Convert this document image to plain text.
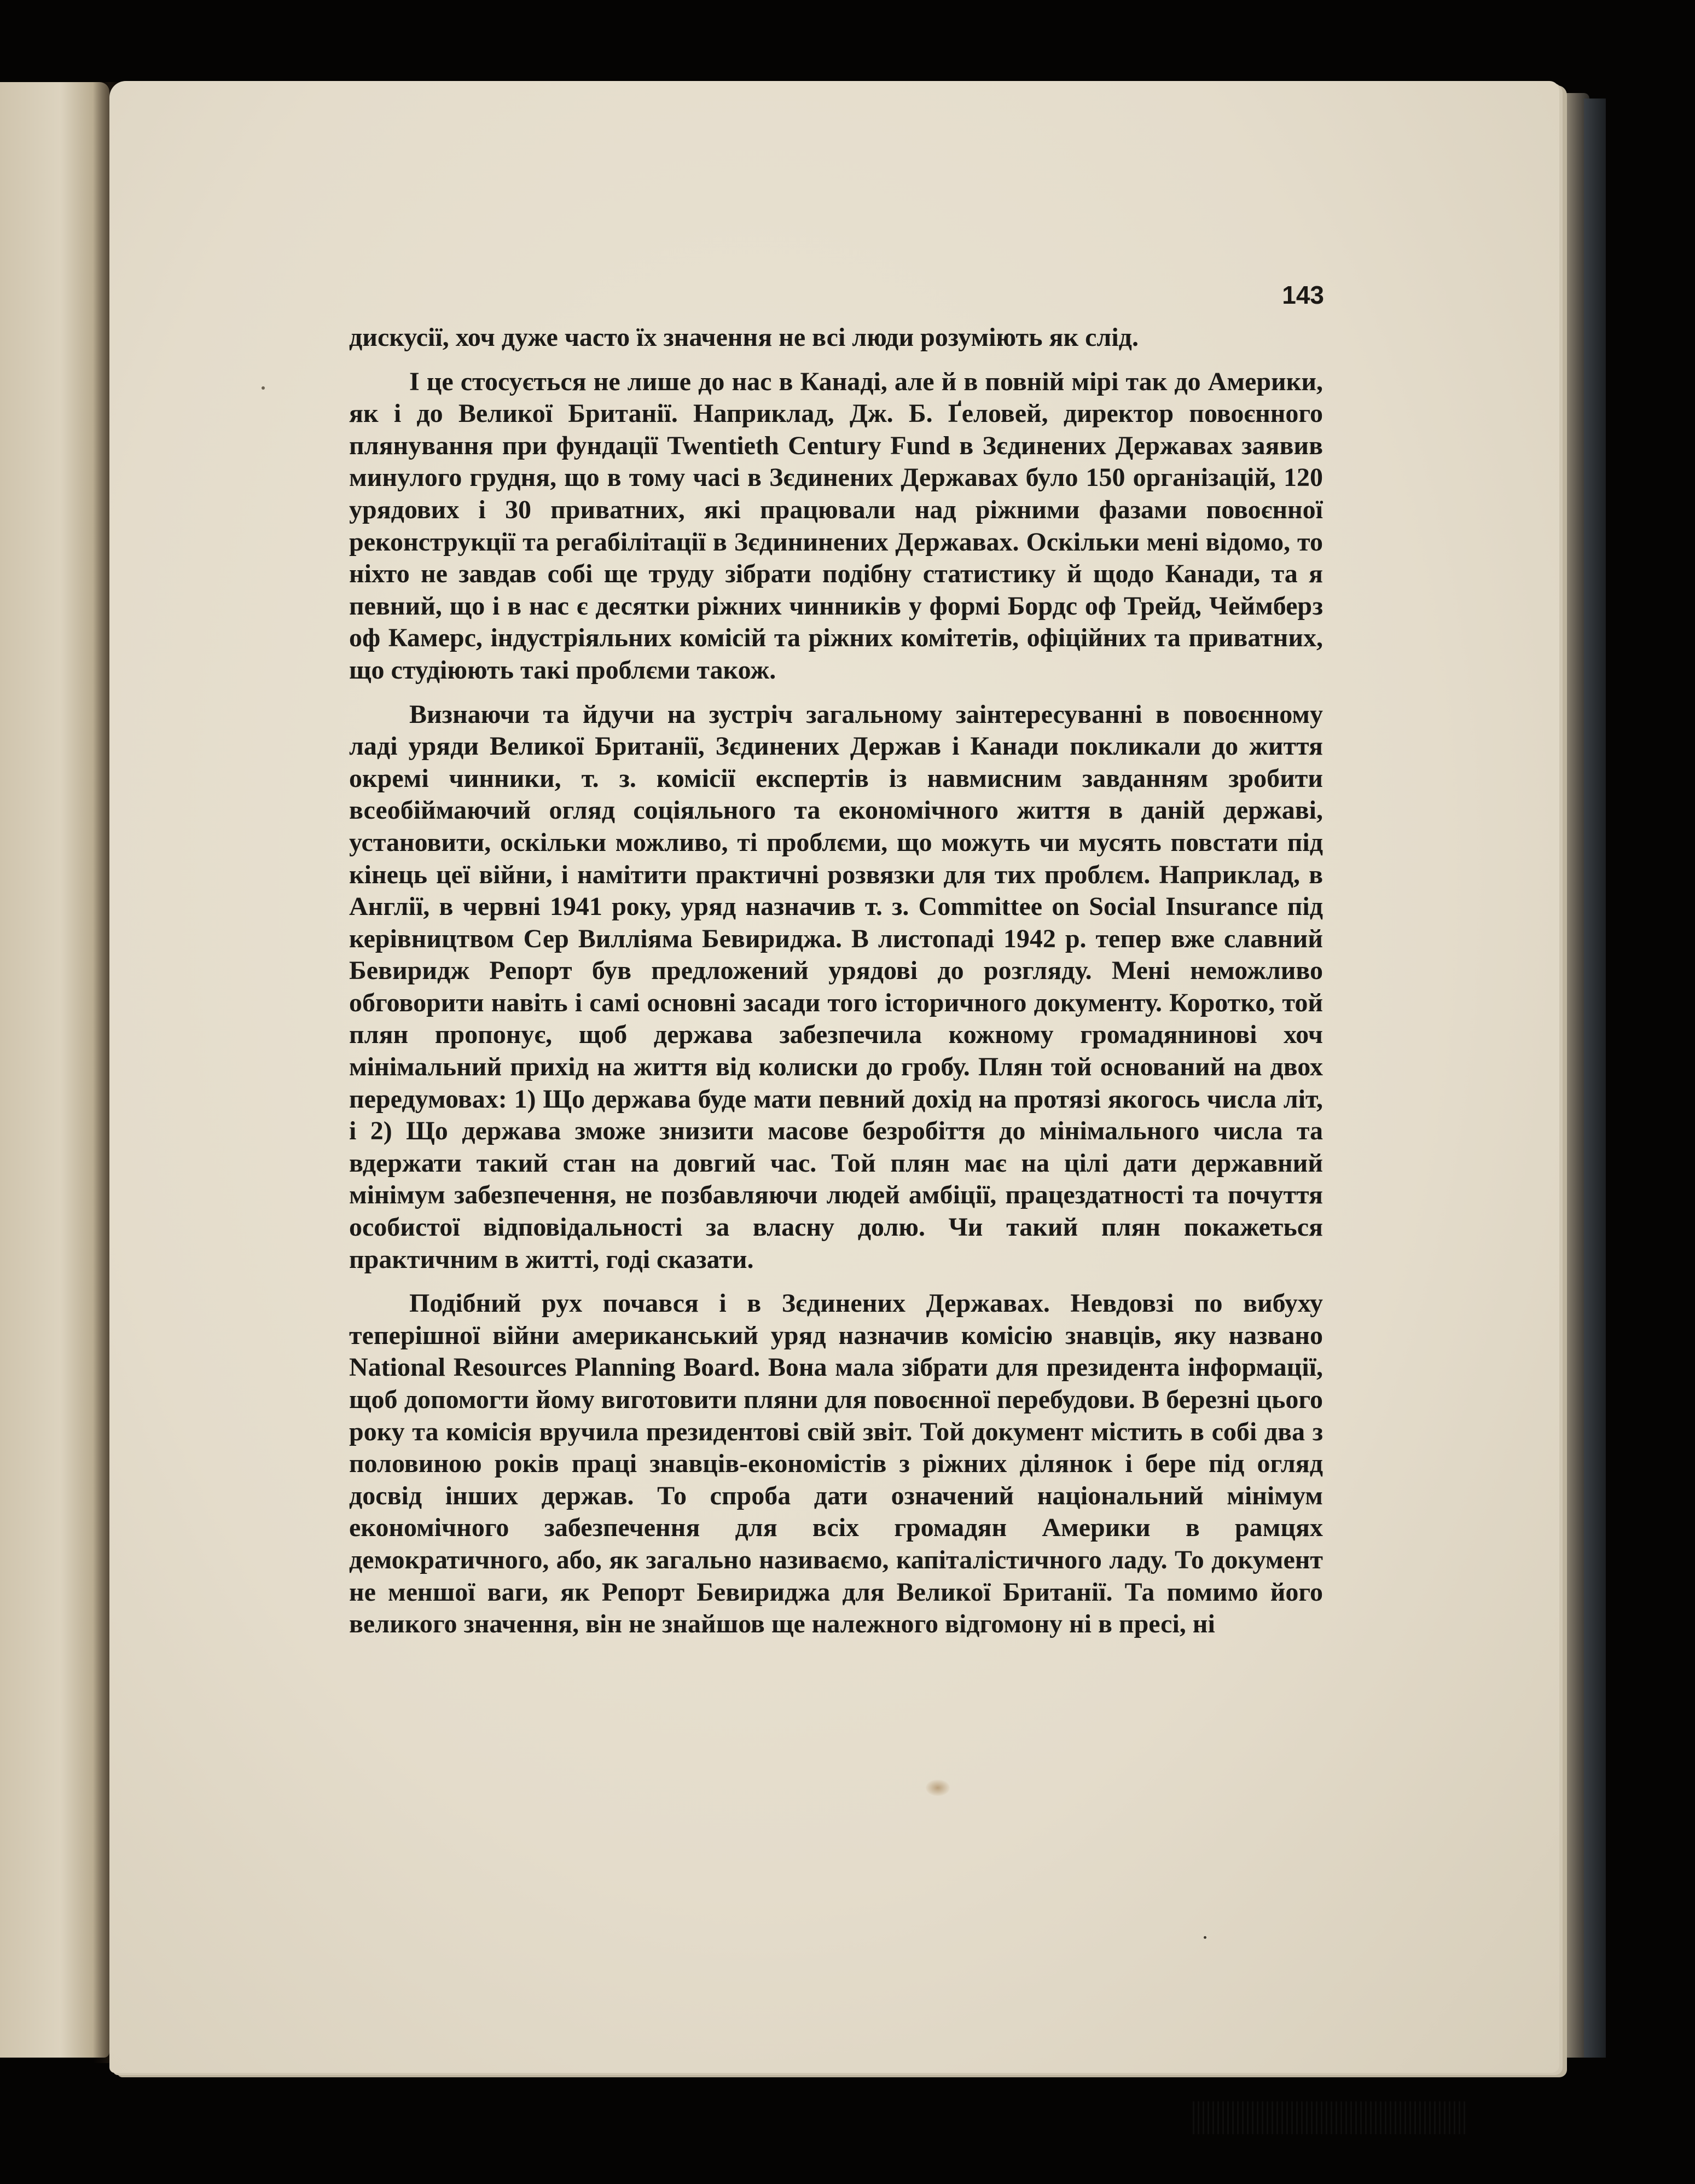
143

дискусії, хоч дуже часто їх значення не всі люди розуміють як слід.

І це стосується не лише до нас в Канаді, але й в повній мірі так до Америки, як і до Великої Британії. Наприклад, Дж. Б. Ґеловей, директор повоєнного плянування при фундації Twentieth Century Fund в Зєдинених Державах заявив минулого грудня, що в тому часі в Зєдинених Державах було 150 організацій, 120 урядових і 30 приватних, які працювали над ріжними фазами повоєнної реконструкції та регабілітації в Зєдининених Державах. Оскільки мені відомо, то ніхто не завдав собі ще труду зібрати подібну статистику й щодо Канади, та я певний, що і в нас є десятки ріжних чинників у формі Бордс оф Трейд, Чеймберз оф Камерс, індустріяльних комісій та ріжних комітетів, офіційних та приватних, що студіюють такі проблєми також.

Визнаючи та йдучи на зустріч загальному заінтересуванні в повоєнному ладі уряди Великої Британії, Зєдинених Держав і Канади покликали до життя окремі чинники, т. з. комісії експертів із навмисним завданням зробити всеобіймаючий огляд соціяльного та економічного життя в даній державі, установити, оскільки можливо, ті проблєми, що можуть чи мусять повстати під кінець цеї війни, і намітити практичні розвязки для тих проблєм. Наприклад, в Англії, в червні 1941 року, уряд назначив т. з. Committee on Social Insurance під керівництвом Сер Вилліяма Бевириджа. В листопаді 1942 р. тепер вже славний Бевиридж Репорт був предложений урядові до розгляду. Мені неможливо обговорити навіть і самі основні засади того історичного документу. Коротко, той плян пропонує, щоб держава забезпечила кожному громадянинові хоч мінімальний прихід на життя від колиски до гробу. Плян той оснований на двох передумовах: 1) Що держава буде мати певний дохід на протязі якогось числа літ, і 2) Що держава зможе знизити масове безробіття до мінімального числа та вдержати такий стан на довгий час. Той плян має на цілі дати державний мінімум забезпечення, не позбавляючи людей амбіції, працездатності та почуття особистої відповідальності за власну долю. Чи такий плян покажеться практичним в житті, годі сказати.

Подібний рух почався і в Зєдинених Державах. Невдовзі по вибуху теперішної війни американський уряд назначив комісію знавців, яку названо National Resources Planning Board. Вона мала зібрати для президента інформації, щоб допомогти йому виготовити пляни для повоєнної перебудови. В березні цього року та комісія вручила президентові свій звіт. Той документ містить в собі два з половиною років праці знавців-економістів з ріжних ділянок і бере під огляд досвід інших держав. То спроба дати означений національний мінімум економічного забезпечення для всіх громадян Америки в рамцях демократичного, або, як загально називаємо, капіталістичного ладу. То документ не меншої ваги, як Репорт Бевириджа для Великої Британії. Та помимо його великого значення, він не знайшов ще належного відгомону ні в пресі, ні
